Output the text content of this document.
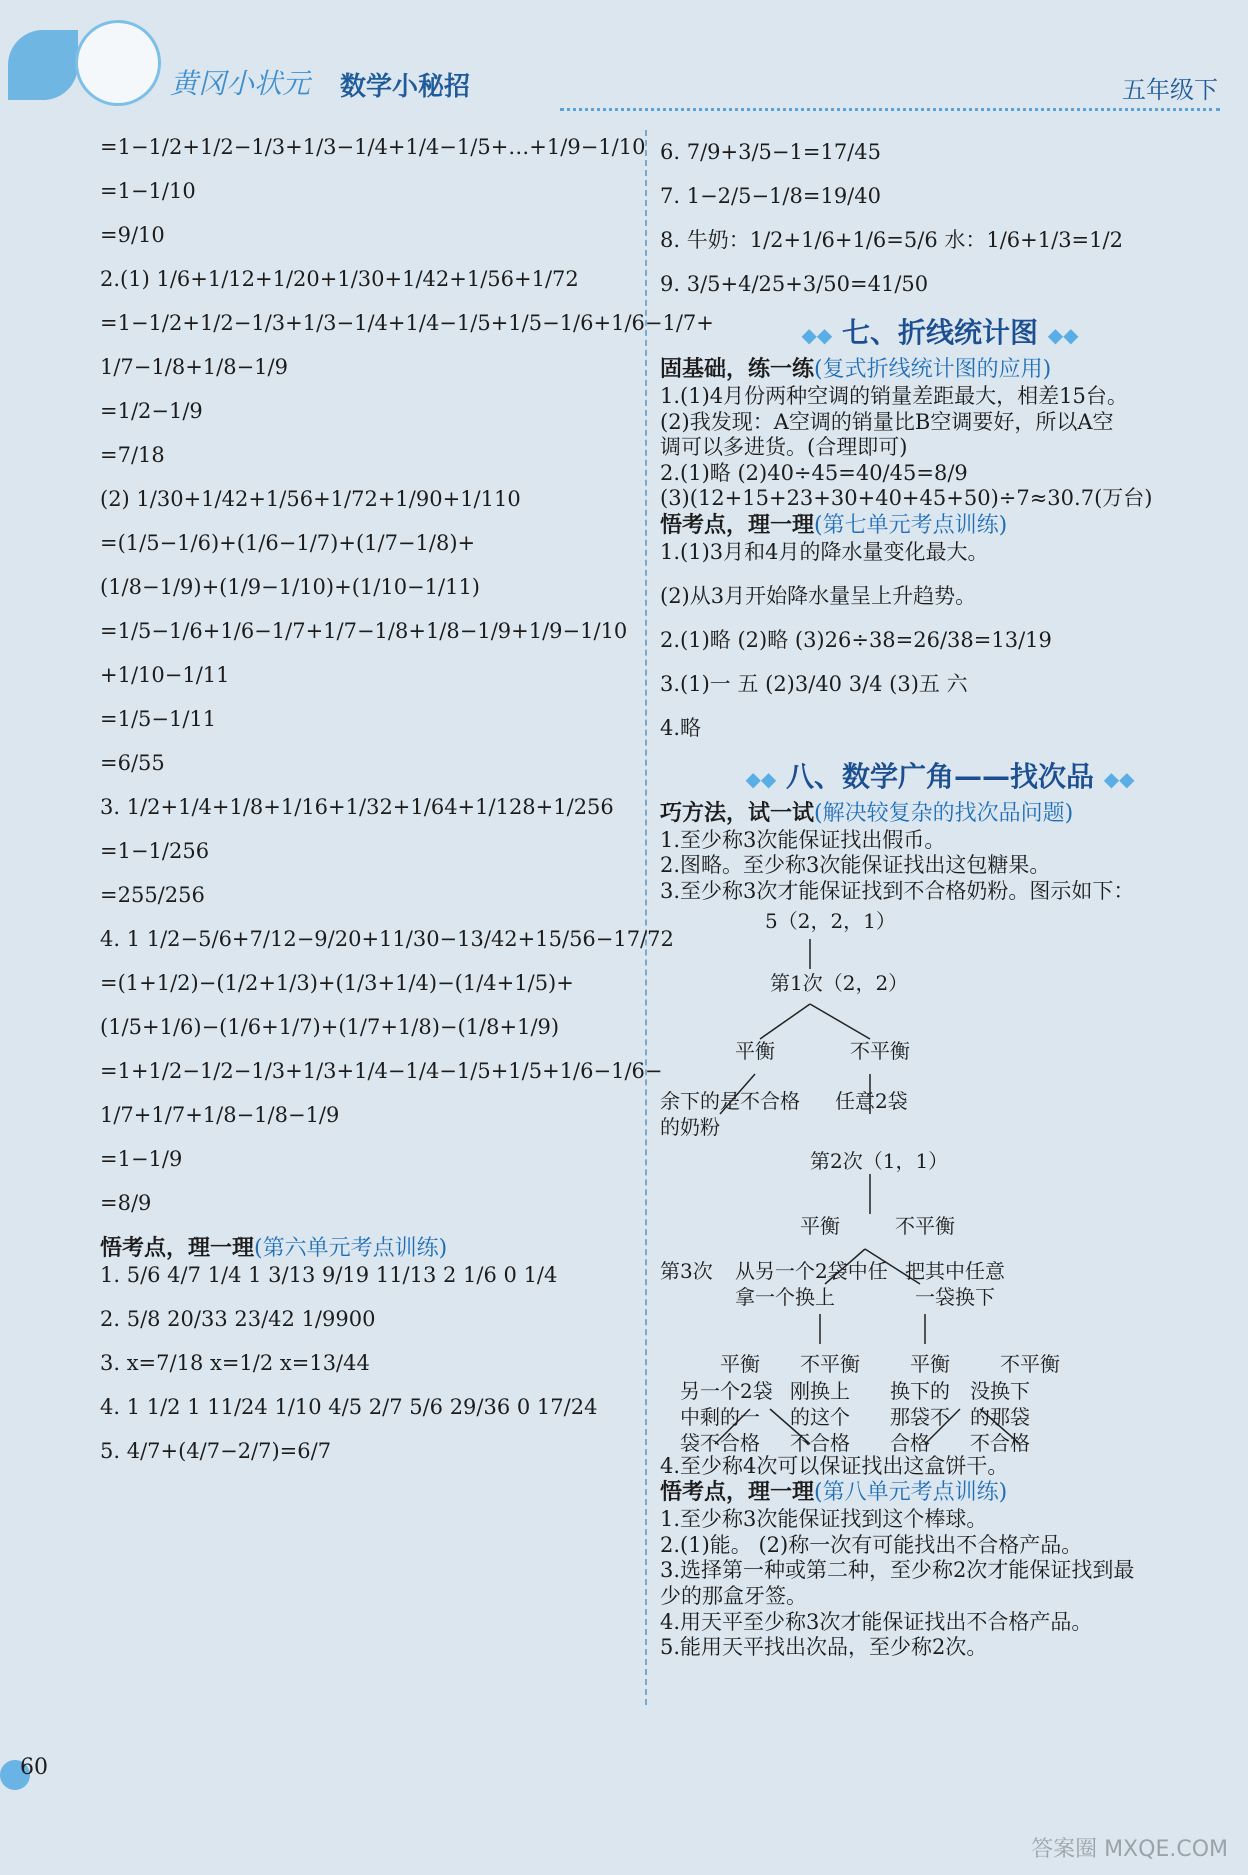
黄冈小状元 数学小秘招	五年级下
=1−1/2+1/2−1/3+1/3−1/4+1/4−1/5+…+1/9−1/10
=1−1/10
=9/10
2.(1) 1/6+1/12+1/20+1/30+1/42+1/56+1/72
=1−1/2+1/2−1/3+1/3−1/4+1/4−1/5+1/5−1/6+1/6−1/7+
1/7−1/8+1/8−1/9
=1/2−1/9
=7/18
(2) 1/30+1/42+1/56+1/72+1/90+1/110
=(1/5−1/6)+(1/6−1/7)+(1/7−1/8)+
(1/8−1/9)+(1/9−1/10)+(1/10−1/11)
=1/5−1/6+1/6−1/7+1/7−1/8+1/8−1/9+1/9−1/10
+1/10−1/11
=1/5−1/11
=6/55
3. 1/2+1/4+1/8+1/16+1/32+1/64+1/128+1/256
=1−1/256
=255/256
4. 1 1/2−5/6+7/12−9/20+11/30−13/42+15/56−17/72
=(1+1/2)−(1/2+1/3)+(1/3+1/4)−(1/4+1/5)+
(1/5+1/6)−(1/6+1/7)+(1/7+1/8)−(1/8+1/9)
=1+1/2−1/2−1/3+1/3+1/4−1/4−1/5+1/5+1/6−1/6−
1/7+1/7+1/8−1/8−1/9
=1−1/9
=8/9
悟考点，理一理(第六单元考点训练)
1. 5/6 4/7 1/4 1 3/13 9/19 11/13 2 1/6 0 1/4
2. 5/8 20/33 23/42 1/9900
3. x=7/18 x=1/2 x=13/44
4. 1 1/2 1 11/24 1/10 4/5 2/7 5/6 29/36 0 17/24
5. 4/7+(4/7−2/7)=6/7
6. 7/9+3/5−1=17/45
7. 1−2/5−1/8=19/40
8. 牛奶：1/2+1/6+1/6=5/6 水：1/6+1/3=1/2
9. 3/5+4/25+3/50=41/50
◆◆ 七、折线统计图 ◆◆
固基础，练一练(复式折线统计图的应用)
1.(1)4月份两种空调的销量差距最大，相差15台。
(2)我发现：A空调的销量比B空调要好，所以A空
调可以多进货。(合理即可)
2.(1)略 (2)40÷45=40/45=8/9
(3)(12+15+23+30+40+45+50)÷7≈30.7(万台)
悟考点，理一理(第七单元考点训练)
1.(1)3月和4月的降水量变化最大。
(2)从3月开始降水量呈上升趋势。
2.(1)略 (2)略 (3)26÷38=26/38=13/19
3.(1)一 五 (2)3/40 3/4 (3)五 六
4.略
◆◆ 八、数学广角——找次品 ◆◆
巧方法，试一试(解决较复杂的找次品问题)
1.至少称3次能保证找出假币。
2.图略。至少称3次能保证找出这包糖果。
3.至少称3次才能保证找到不合格奶粉。图示如下：
5（2，2，1）
第1次（2，2）
平衡	不平衡
余下的是不合格
的奶粉
任意2袋
第2次（1，1）
平衡	不平衡
第3次 从另一个2袋中任
拿一个换上
把其中任意
一袋换下
平衡 不平衡	平衡	不平衡
另一个2袋
中剩的一
袋不合格
刚换上
的这个
不合格
换下的
那袋不
合格
没换下
的那袋
不合格
4.至少称4次可以保证找出这盒饼干。
悟考点，理一理(第八单元考点训练)
1.至少称3次能保证找到这个棒球。
2.(1)能。 (2)称一次有可能找出不合格产品。
3.选择第一种或第二种，至少称2次才能保证找到最
少的那盒牙签。
4.用天平至少称3次才能保证找出不合格产品。
5.能用天平找出次品，至少称2次。
60
答案圈 MXQE.COM
